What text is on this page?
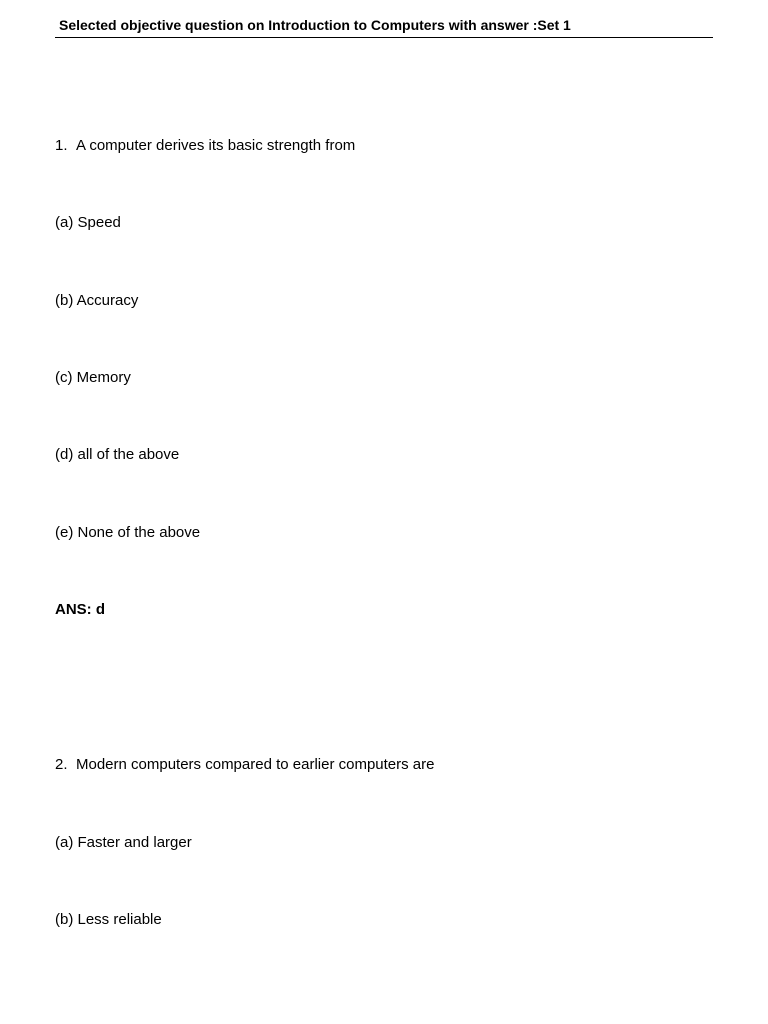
Selected objective question on Introduction to Computers with answer :Set 1
1. A computer derives its basic strength from
(a) Speed
(b) Accuracy
(c) Memory
(d) all of the above
(e) None of the above
ANS: d
2. Modern computers compared to earlier computers are
(a) Faster and larger
(b) Less reliable
